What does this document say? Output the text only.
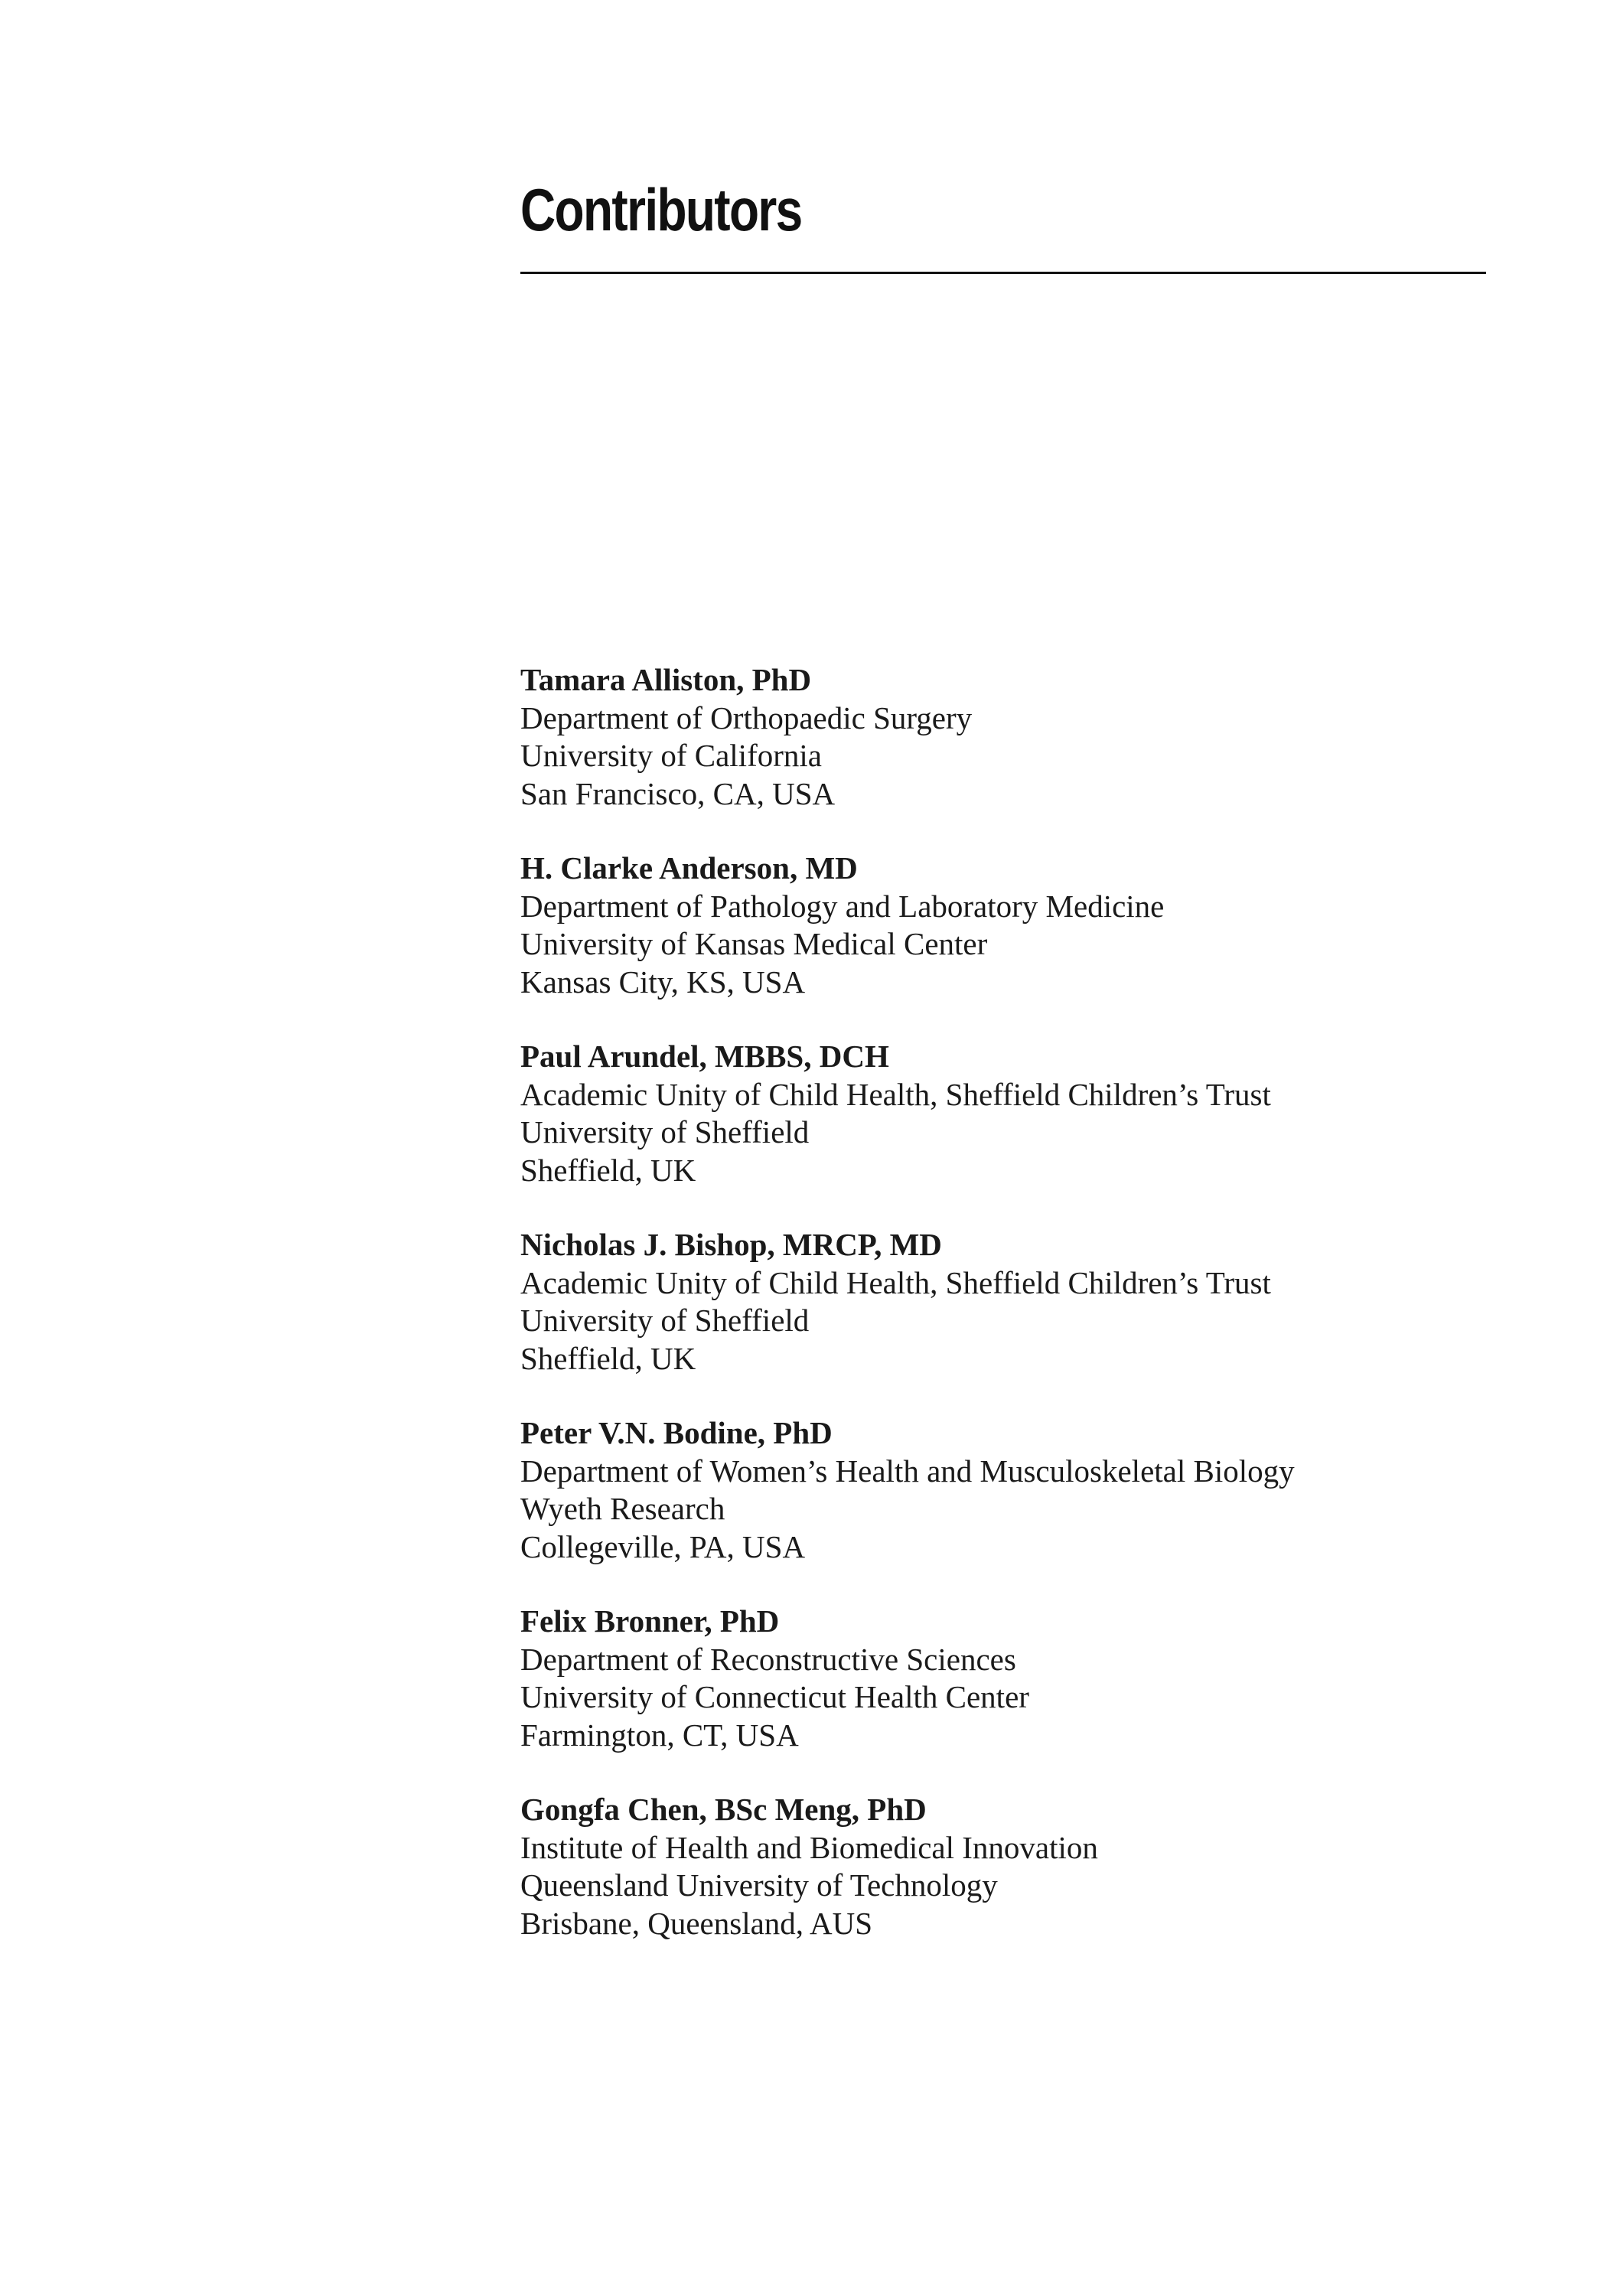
Contributors
Tamara Alliston, PhD
Department of Orthopaedic Surgery
University of California
San Francisco, CA, USA
H. Clarke Anderson, MD
Department of Pathology and Laboratory Medicine
University of Kansas Medical Center
Kansas City, KS, USA
Paul Arundel, MBBS, DCH
Academic Unity of Child Health, Sheffield Children’s Trust
University of Sheffield
Sheffield, UK
Nicholas J. Bishop, MRCP, MD
Academic Unity of Child Health, Sheffield Children’s Trust
University of Sheffield
Sheffield, UK
Peter V.N. Bodine, PhD
Department of Women’s Health and Musculoskeletal Biology
Wyeth Research
Collegeville, PA, USA
Felix Bronner, PhD
Department of Reconstructive Sciences
University of Connecticut Health Center
Farmington, CT, USA
Gongfa Chen, BSc Meng, PhD
Institute of Health and Biomedical Innovation
Queensland University of Technology
Brisbane, Queensland, AUS
